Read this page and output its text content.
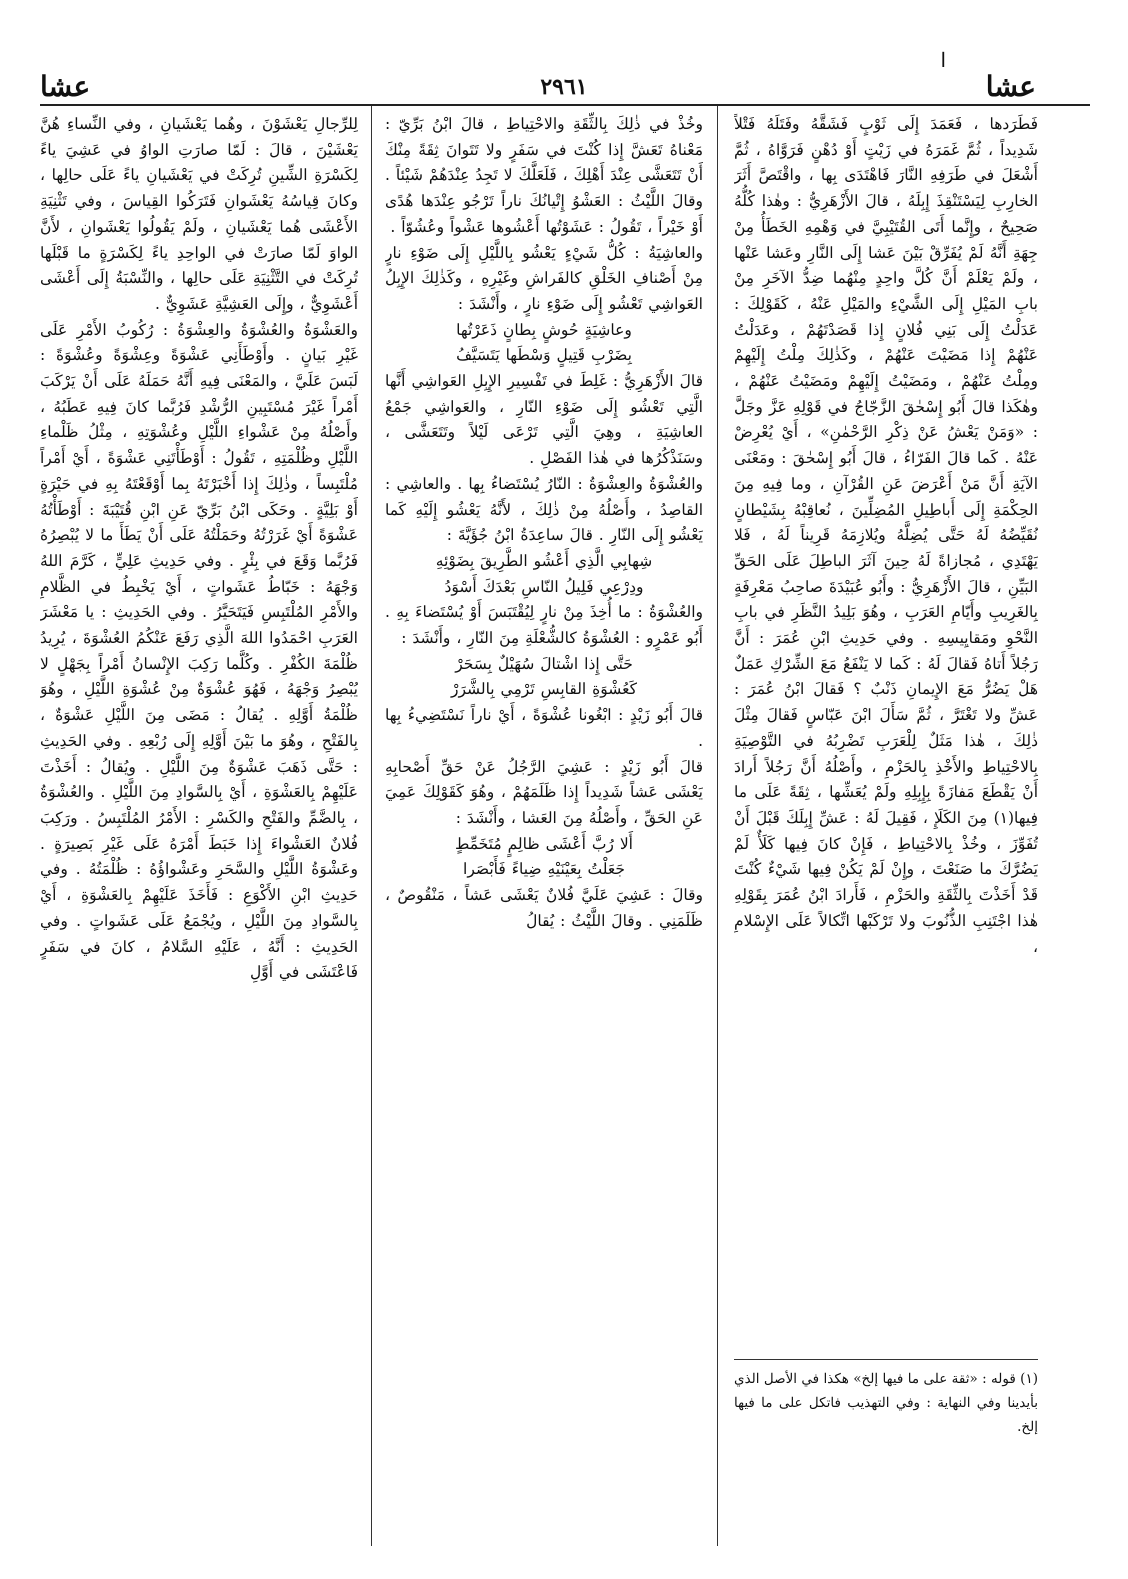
ا
عشا
٢٩٦١
عشا

فَطَرَدها ، فَعَمَدَ إِلَى ثَوْبٍ فَشَقَّهُ وفَتَلَهُ فَتْلاً شَدِيداً ، ثُمَّ غَمَرَهُ في زَيْتٍ أَوْ دُهْنٍ فَرَوَّاهُ ، ثُمَّ أَشْعَلَ في طَرَفِهِ النَّارَ فَاهْتَدَى بِها ، واقْتَصَّ أَثَرَ الخارِبِ لِيَسْتَنْقِذَ إِبِلَهُ ، قالَ الأَزْهَرِيُّ : وهٰذا كُلُّهُ صَحِيحٌ ، وإِنَّما أَتَى القُتَيْبِيَّ في وَهْمِهِ الخَطَأُ مِنْ جِهَةِ أَنَّهُ لَمْ يُفَرِّقْ بَيْنَ عَشا إِلَى النَّارِ وعَشا عَنْها ، ولَمْ يَعْلَمْ أَنَّ كُلَّ واحِدٍ مِنْهُما ضِدُّ الآخَرِ مِنْ بابِ المَيْلِ إِلَى الشَّيْءِ والمَيْلِ عَنْهُ ، كَقَوْلِكَ : عَدَلْتُ إِلَى بَنِي فُلانٍ إِذا قَصَدْتَهُمْ ، وعَدَلْتُ عَنْهُمْ إِذا مَضَيْتَ عَنْهُمْ ، وكَذٰلِكَ مِلْتُ إِلَيْهِمْ ومِلْتُ عَنْهُمْ ، ومَضَيْتُ إِلَيْهِمْ ومَضَيْتُ عَنْهُمْ ، وهٰكَذا قالَ أَبُو إِسْحٰقَ الزَّجّاجُ في قَوْلِهِ عَزَّ وجَلَّ : «وَمَنْ يَعْشُ عَنْ ذِكْرِ الرَّحْمٰنِ» ، أَيْ يُعْرِضْ عَنْهُ . كَما قالَ الفَرّاءُ ، قالَ أَبُو إِسْحٰقَ : ومَعْنَى الآيَةِ أَنَّ مَنْ أَعْرَضَ عَنِ القُرْآنِ ، وما فِيهِ مِنَ الحِكْمَةِ إِلَى أَباطِيلِ المُضِلِّينَ ، نُعاقِبْهُ بِشَيْطانٍ نُقَيِّضُهُ لَهُ حَتَّى يُضِلَّهُ ويُلازِمَهُ قَرِيناً لَهُ ، فَلا يَهْتَدِي ، مُجازاةً لَهُ حِينَ آثَرَ الباطِلَ عَلَى الحَقِّ البَيِّنِ ، قالَ الأَزْهَرِيُّ : وأَبُو عُبَيْدَةَ صاحِبُ مَعْرِفَةٍ بِالغَرِيبِ وأَيّامِ العَرَبِ ، وهُوَ بَلِيدُ النَّظَرِ في بابِ النَّحْوِ ومَقايِيسِهِ . وفي حَدِيثِ ابْنِ عُمَرَ : أَنَّ رَجُلاً أَتاهُ فَقالَ لَهُ : كَما لا يَنْفَعُ مَعَ الشِّرْكِ عَمَلٌ هَلْ يَضُرُّ مَعَ الإِيمانِ ذَنْبٌ ؟ فَقالَ ابْنُ عُمَرَ : عَشِّ ولا تَغْتَرَّ ، ثُمَّ سَأَلَ ابْنَ عَبّاسٍ فَقالَ مِثْلَ ذٰلِكَ ، هٰذا مَثَلٌ لِلْعَرَبِ تَضْرِبُهُ في التَّوْصِيَةِ بِالاحْتِياطِ والأَخْذِ بِالحَزْمِ ، وأَصْلُهُ أَنَّ رَجُلاً أَرادَ أَنْ يَقْطَعَ مَفازَةً بِإِبِلِهِ ولَمْ يُعَشِّها ، ثِقَةً عَلَى ما فِيها(١) مِنَ الكَلَإِ ، فَقِيلَ لَهُ : عَشِّ إِبِلَكَ قَبْلَ أَنْ تُفَوِّزَ ، وخُذْ بِالاحْتِياطِ ، فَإِنْ كانَ فِيها كَلَأٌ لَمْ يَضُرَّكَ ما صَنَعْتَ ، وإِنْ لَمْ يَكُنْ فِيها شَيْءٌ كُنْتَ قَدْ أَخَذْتَ بِالثِّقَةِ والحَزْمِ ، فَأَرادَ ابْنُ عُمَرَ بِقَوْلِهِ هٰذا اجْتَنِبِ الذُّنُوبَ ولا تَرْكَبْها اتِّكالاً عَلَى الإِسْلامِ ،

(١) قوله : «ثقة على ما فيها إلخ» هكذا في الأصل الذي بأيدينا وفي النهاية : وفي التهذيب فاتكل على ما فيها إلخ.

وخُذْ في ذٰلِكَ بِالثِّقَةِ والاحْتِياطِ ، قالَ ابْنُ بَرِّيّ : مَعْناهُ تَعَشَّ إِذا كُنْتَ في سَفَرٍ ولا تَتَوانَ ثِقَةً مِنْكَ أَنْ تَتَعَشَّى عِنْدَ أَهْلِكَ ، فَلَعَلَّكَ لا تَجِدُ عِنْدَهُمْ شَيْئاً .

وقالَ اللَّيْثُ : العَشْوُ إِتْيانُكَ ناراً تَرْجُو عِنْدَها هُدًى أَوْ خَيْراً ، تَقُولُ : عَشَوْتُها أَعْشُوها عَشْواً وعُشُوّاً .

والعاشِيَةُ : كُلُّ شَيْءٍ يَعْشُو بِاللَّيْلِ إِلَى ضَوْءِ نارٍ مِنْ أَصْنافِ الخَلْقِ كالفَراشِ وغَيْرِهِ ، وكَذٰلِكَ الإِبِلُ العَواشِي تَعْشُو إِلَى ضَوْءِ نارٍ ، وأَنْشَدَ :

وعاشِيَةٍ حُوشٍ بِطانٍ ذَعَرْتُها

بِضَرْبِ قَتِيلٍ وَسْطَها يَتَسَيَّفُ

قالَ الأَزْهَرِيُّ : غَلِطَ في تَفْسِيرِ الإِبِلِ العَواشِي أَنَّها الَّتِي تَعْشُو إِلَى ضَوْءِ النّارِ ، والعَواشِي جَمْعُ العاشِيَةِ ، وهِيَ الَّتِي تَرْعَى لَيْلاً وتَتَعَشَّى ، وسَنَذْكُرُها في هٰذا الفَصْلِ .

والعُشْوَةُ والعِشْوَةُ : النّارُ يُسْتَضاءُ بِها . والعاشِي : القاصِدُ ، وأَصْلُهُ مِنْ ذٰلِكَ ، لأَنَّهُ يَعْشُو إِلَيْهِ كَما يَعْشُو إِلَى النّارِ . قالَ ساعِدَةُ ابْنُ جُؤَيَّةَ :

شِهابِي الَّذِي أَعْشُو الطَّرِيقَ بِضَوْئِهِ

ودِرْعِي فَلِيلُ النّاسِ بَعْدَكَ أَسْوَدُ

والعُشْوَةُ : ما أُخِذَ مِنْ نارٍ لِيُقْتَبَسَ أَوْ يُسْتَضاءَ بِهِ . أَبُو عَمْرٍو : العُشْوَةُ كالشُّعْلَةِ مِنَ النّارِ ، وأَنْشَدَ :

حَتَّى إِذا اشْتالَ سُهَيْلٌ بِسَحَرْ

كَعُشْوَةِ القابِسِ تَرْمِي بِالشَّرَرْ

قالَ أَبُو زَيْدٍ : ابْغُونا عُشْوَةً ، أَيْ ناراً نَسْتَضِيءُ بِها .

قالَ أَبُو زَيْدٍ : عَشِيَ الرَّجُلُ عَنْ حَقِّ أَصْحابِهِ يَعْشَى عَشاً شَدِيداً إِذا ظَلَمَهُمْ ، وهُوَ كَقَوْلِكَ عَمِيَ عَنِ الحَقِّ ، وأَصْلُهُ مِنَ العَشا ، وأَنْشَدَ :

أَلا رُبَّ أَعْشَى ظالِمٍ مُتَخَمِّطٍ

جَعَلْتُ بِعَيْنَيْهِ ضِياءً فَأَبْصَرا

وقالَ : عَشِيَ عَلَيَّ فُلانٌ يَعْشَى عَشاً ، مَنْقُوصٌ ، ظَلَمَنِي . وقالَ اللَّيْثُ : يُقالُ

لِلرِّجالِ يَعْشَوْنَ ، وهُما يَعْشَيانِ ، وفي النِّساءِ هُنَّ يَعْشَيْنَ ، قالَ : لَمّا صارَتِ الواوُ في عَشِيَ ياءً لِكَسْرَةِ الشِّينِ تُرِكَتْ في يَعْشَيانِ ياءً عَلَى حالِها ، وكانَ قِياسُهُ يَعْشَوانِ فَتَرَكُوا القِياسَ ، وفي تَثْنِيَةِ الأَعْشَى هُما يَعْشَيانِ ، ولَمْ يَقُولُوا يَعْشَوانِ ، لأَنَّ الواوَ لَمّا صارَتْ في الواحِدِ ياءً لِكَسْرَةٍ ما قَبْلَها تُرِكَتْ في التَّثْنِيَةِ عَلَى حالِها ، والنِّسْبَةُ إِلَى أَعْشَى أَعْشَوِيٌّ ، وإِلَى العَشِيَّةِ عَشَوِيٌّ .

والعَشْوَةُ والعُشْوَةُ والعِشْوَةُ : رُكُوبُ الأَمْرِ عَلَى غَيْرِ بَيانٍ . وأَوْطَأَنِي عَشْوَةً وعِشْوَةً وعُشْوَةً : لَبَسَ عَلَيَّ ، والمَعْنَى فِيهِ أَنَّهُ حَمَلَهُ عَلَى أَنْ يَرْكَبَ أَمْراً غَيْرَ مُسْتَبِينِ الرُّشْدِ فَرُبَّما كانَ فِيهِ عَطَبُهُ ، وأَصْلُهُ مِنْ عَشْواءِ اللَّيْلِ وعُشْوَتِهِ ، مِثْلُ ظَلْماءِ اللَّيْلِ وظُلْمَتِهِ ، تَقُولُ : أَوْطَأْتَنِي عَشْوَةً ، أَيْ أَمْراً مُلْتَبِساً ، وذٰلِكَ إِذا أَخْبَرْتَهُ بِما أَوْقَعْتَهُ بِهِ في حَيْرَةٍ أَوْ بَلِيَّةٍ . وحَكَى ابْنُ بَرِّيّ عَنِ ابْنِ قُتَيْبَةَ : أَوْطَأْتُهُ عَشْوَةً أَيْ غَرَرْتُهُ وحَمَلْتُهُ عَلَى أَنْ يَطَأَ ما لا يُبْصِرُهُ فَرُبَّما وَقَعَ في بِئْرٍ . وفي حَدِيثِ عَلِيٍّ ، كَرَّمَ اللهُ وَجْهَهُ : خَبّاطُ عَشَواتٍ ، أَيْ يَخْبِطُ في الظَّلامِ والأَمْرِ المُلْتَبِسِ فَيَتَحَيَّرُ . وفي الحَدِيثِ : يا مَعْشَرَ العَرَبِ احْمَدُوا اللهَ الَّذِي رَفَعَ عَنْكُمُ العُشْوَةَ ، يُرِيدُ ظُلْمَةَ الكُفْرِ . وكُلَّما رَكِبَ الإِنْسانُ أَمْراً بِجَهْلٍ لا يُبْصِرُ وَجْهَهُ ، فَهُوَ عُشْوَةٌ مِنْ عُشْوَةِ اللَّيْلِ ، وهُوَ ظُلْمَةُ أَوَّلِهِ . يُقالُ : مَضَى مِنَ اللَّيْلِ عَشْوَةٌ ، بِالفَتْحِ ، وهُوَ ما بَيْنَ أَوَّلِهِ إِلَى رُبْعِهِ . وفي الحَدِيثِ : حَتَّى ذَهَبَ عَشْوَةٌ مِنَ اللَّيْلِ . ويُقالُ : أَخَذْتَ عَلَيْهِمْ بِالعَشْوَةِ ، أَيْ بِالسَّوادِ مِنَ اللَّيْلِ . والعُشْوَةُ ، بِالضَّمِّ والفَتْحِ والكَسْرِ : الأَمْرُ المُلْتَبِسُ . ورَكِبَ فُلانٌ العَشْواءَ إِذا خَبَطَ أَمْرَهُ عَلَى غَيْرِ بَصِيرَةٍ . وعَشْوَةُ اللَّيْلِ والسَّحَرِ وعَشْواؤُهُ : ظُلْمَتُهُ . وفي حَدِيثِ ابْنِ الأَكْوَعِ : فَأَخَذَ عَلَيْهِمْ بِالعَشْوَةِ ، أَيْ بِالسَّوادِ مِنَ اللَّيْلِ ، ويُجْمَعُ عَلَى عَشَواتٍ . وفي الحَدِيثِ : أَنَّهُ ، عَلَيْهِ السَّلامُ ، كانَ في سَفَرٍ فَاعْتَشَى في أَوَّلِ
